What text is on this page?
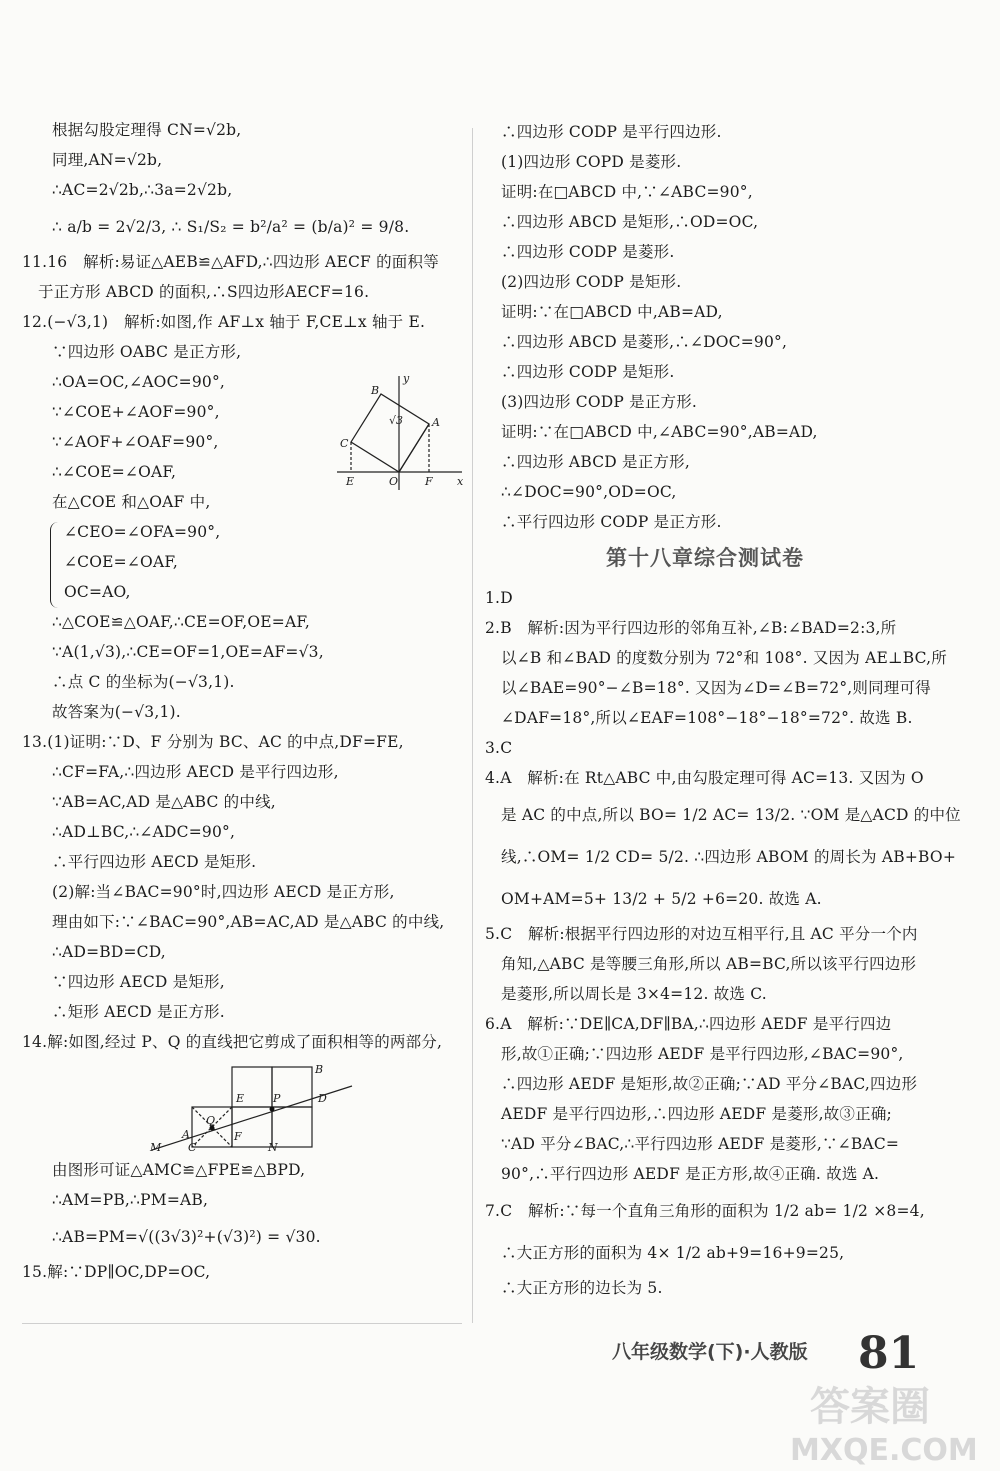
根据勾股定理得 CN=√2b,
同理,AN=√2b,
∴AC=2√2b,∴3a=2√2b,
∴ a/b = 2√2/3, ∴ S₁/S₂ = b²/a² = (b/a)² = 9/8.
11.16　解析:易证△AEB≌△AFD,∴四边形 AECF 的面积等
于正方形 ABCD 的面积,∴S四边形AECF=16.
12.(−√3,1)　解析:如图,作 AF⊥x 轴于 F,CE⊥x 轴于 E.
∵四边形 OABC 是正方形,
∴OA=OC,∠AOC=90°,
∵∠COE+∠AOF=90°,
∵∠AOF+∠OAF=90°,
∴∠COE=∠OAF,
在△COE 和△OAF 中,
∠CEO=∠OFA=90°,
∠COE=∠OAF,
OC=AO,
∴△COE≌△OAF,∴CE=OF,OE=AF,
∵A(1,√3),∴CE=OF=1,OE=AF=√3,
∴点 C 的坐标为(−√3,1).
故答案为(−√3,1).
13.(1)证明:∵D、F 分别为 BC、AC 的中点,DF=FE,
∴CF=FA,∴四边形 AECD 是平行四边形,
∵AB=AC,AD 是△ABC 的中线,
∴AD⊥BC,∴∠ADC=90°,
∴平行四边形 AECD 是矩形.
(2)解:当∠BAC=90°时,四边形 AECD 是正方形,
理由如下:∵∠BAC=90°,AB=AC,AD 是△ABC 的中线,
∴AD=BD=CD,
∵四边形 AECD 是矩形,
∴矩形 AECD 是正方形.
14.解:如图,经过 P、Q 的直线把它剪成了面积相等的两部分,
B
E	P	D
Q
A	F
M C	N
由图形可证△AMC≌△FPE≌△BPD,
∴AM=PB,∴PM=AB,
∴AB=PM=√((3√3)²+(√3)²) = √30.
15.解:∵DP∥OC,DP=OC,
B
y
√3	A
C
E	O F x
∴四边形 CODP 是平行四边形.
(1)四边形 COPD 是菱形.
证明:在□ABCD 中,∵∠ABC=90°,
∴四边形 ABCD 是矩形,∴OD=OC,
∴四边形 CODP 是菱形.
(2)四边形 CODP 是矩形.
证明:∵在□ABCD 中,AB=AD,
∴四边形 ABCD 是菱形,∴∠DOC=90°,
∴四边形 CODP 是矩形.
(3)四边形 CODP 是正方形.
证明:∵在□ABCD 中,∠ABC=90°,AB=AD,
∴四边形 ABCD 是正方形,
∴∠DOC=90°,OD=OC,
∴平行四边形 CODP 是正方形.
第十八章综合测试卷
1.D
2.B　解析:因为平行四边形的邻角互补,∠B:∠BAD=2:3,所
以∠B 和∠BAD 的度数分别为 72°和 108°. 又因为 AE⊥BC,所
以∠BAE=90°−∠B=18°. 又因为∠D=∠B=72°,则同理可得
∠DAF=18°,所以∠EAF=108°−18°−18°=72°. 故选 B.
3.C
4.A　解析:在 Rt△ABC 中,由勾股定理可得 AC=13. 又因为 O
是 AC 的中点,所以 BO= 1/2 AC= 13/2. ∵OM 是△ACD 的中位
线,∴OM= 1/2 CD= 5/2. ∴四边形 ABOM 的周长为 AB+BO+
OM+AM=5+ 13/2 + 5/2 +6=20. 故选 A.
5.C　解析:根据平行四边形的对边互相平行,且 AC 平分一个内
角知,△ABC 是等腰三角形,所以 AB=BC,所以该平行四边形
是菱形,所以周长是 3×4=12. 故选 C.
6.A　解析:∵DE∥CA,DF∥BA,∴四边形 AEDF 是平行四边
形,故①正确;∵四边形 AEDF 是平行四边形,∠BAC=90°,
∴四边形 AEDF 是矩形,故②正确;∵AD 平分∠BAC,四边形
AEDF 是平行四边形,∴四边形 AEDF 是菱形,故③正确;
∵AD 平分∠BAC,∴平行四边形 AEDF 是菱形,∵∠BAC=
90°,∴平行四边形 AEDF 是正方形,故④正确. 故选 A.
7.C　解析:∵每一个直角三角形的面积为 1/2 ab= 1/2 ×8=4,
∴大正方形的面积为 4× 1/2 ab+9=16+9=25,
∴大正方形的边长为 5.
八年级数学(下)·人教版 81
答案圈
MXQE.COM
